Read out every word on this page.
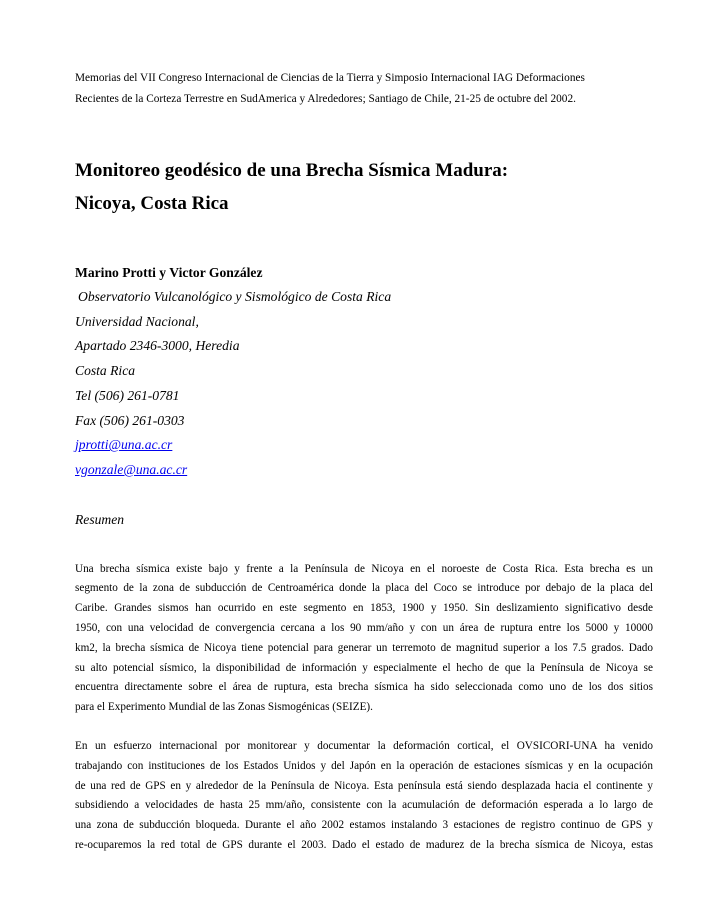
Memorias del VII Congreso Internacional de Ciencias de la Tierra y Simposio Internacional IAG Deformaciones
Recientes de la Corteza Terrestre en SudAmerica y Alrededores; Santiago de Chile, 21-25 de octubre del 2002.

Monitoreo geodésico de una Brecha Sísmica Madura:
Nicoya, Costa Rica

Marino Protti y Victor González

Observatorio Vulcanológico y Sismológico de Costa Rica
Universidad Nacional,
Apartado 2346-3000, Heredia
Costa Rica
Tel (506) 261-0781
Fax (506) 261-0303
jprotti@una.ac.cr
vgonzale@una.ac.cr

Resumen

Una brecha sísmica existe bajo y frente a la Península de Nicoya en el noroeste de Costa Rica. Esta brecha es un
segmento de la zona de subducción de Centroamérica donde la placa del Coco se introduce por debajo de la placa del
Caribe. Grandes sismos han ocurrido en este segmento en 1853, 1900 y 1950. Sin deslizamiento significativo desde
1950, con una velocidad de convergencia cercana a los 90 mm/año y con un área de ruptura entre los 5000 y 10000
km2, la brecha sísmica de Nicoya tiene potencial para generar un terremoto de magnitud superior a los 7.5 grados. Dado
su alto potencial sísmico, la disponibilidad de información y especialmente el hecho de que la Península de Nicoya se
encuentra directamente sobre el área de ruptura, esta brecha sísmica ha sido seleccionada como uno de los dos sitios
para el Experimento Mundial de las Zonas Sismogénicas (SEIZE).

En un esfuerzo internacional por monitorear y documentar la deformación cortical, el OVSICORI-UNA ha venido
trabajando con instituciones de los Estados Unidos y del Japón en la operación de estaciones sísmicas y en la ocupación
de una red de GPS en y alrededor de la Península de Nicoya. Esta península está siendo desplazada hacia el continente y
subsidiendo a velocidades de hasta 25 mm/año, consistente con la acumulación de deformación esperada a lo largo de
una zona de subducción bloqueda. Durante el año 2002 estamos instalando 3 estaciones de registro continuo de GPS y
re-ocuparemos la red total de GPS durante el 2003. Dado el estado de madurez de la brecha sísmica de Nicoya, estas
